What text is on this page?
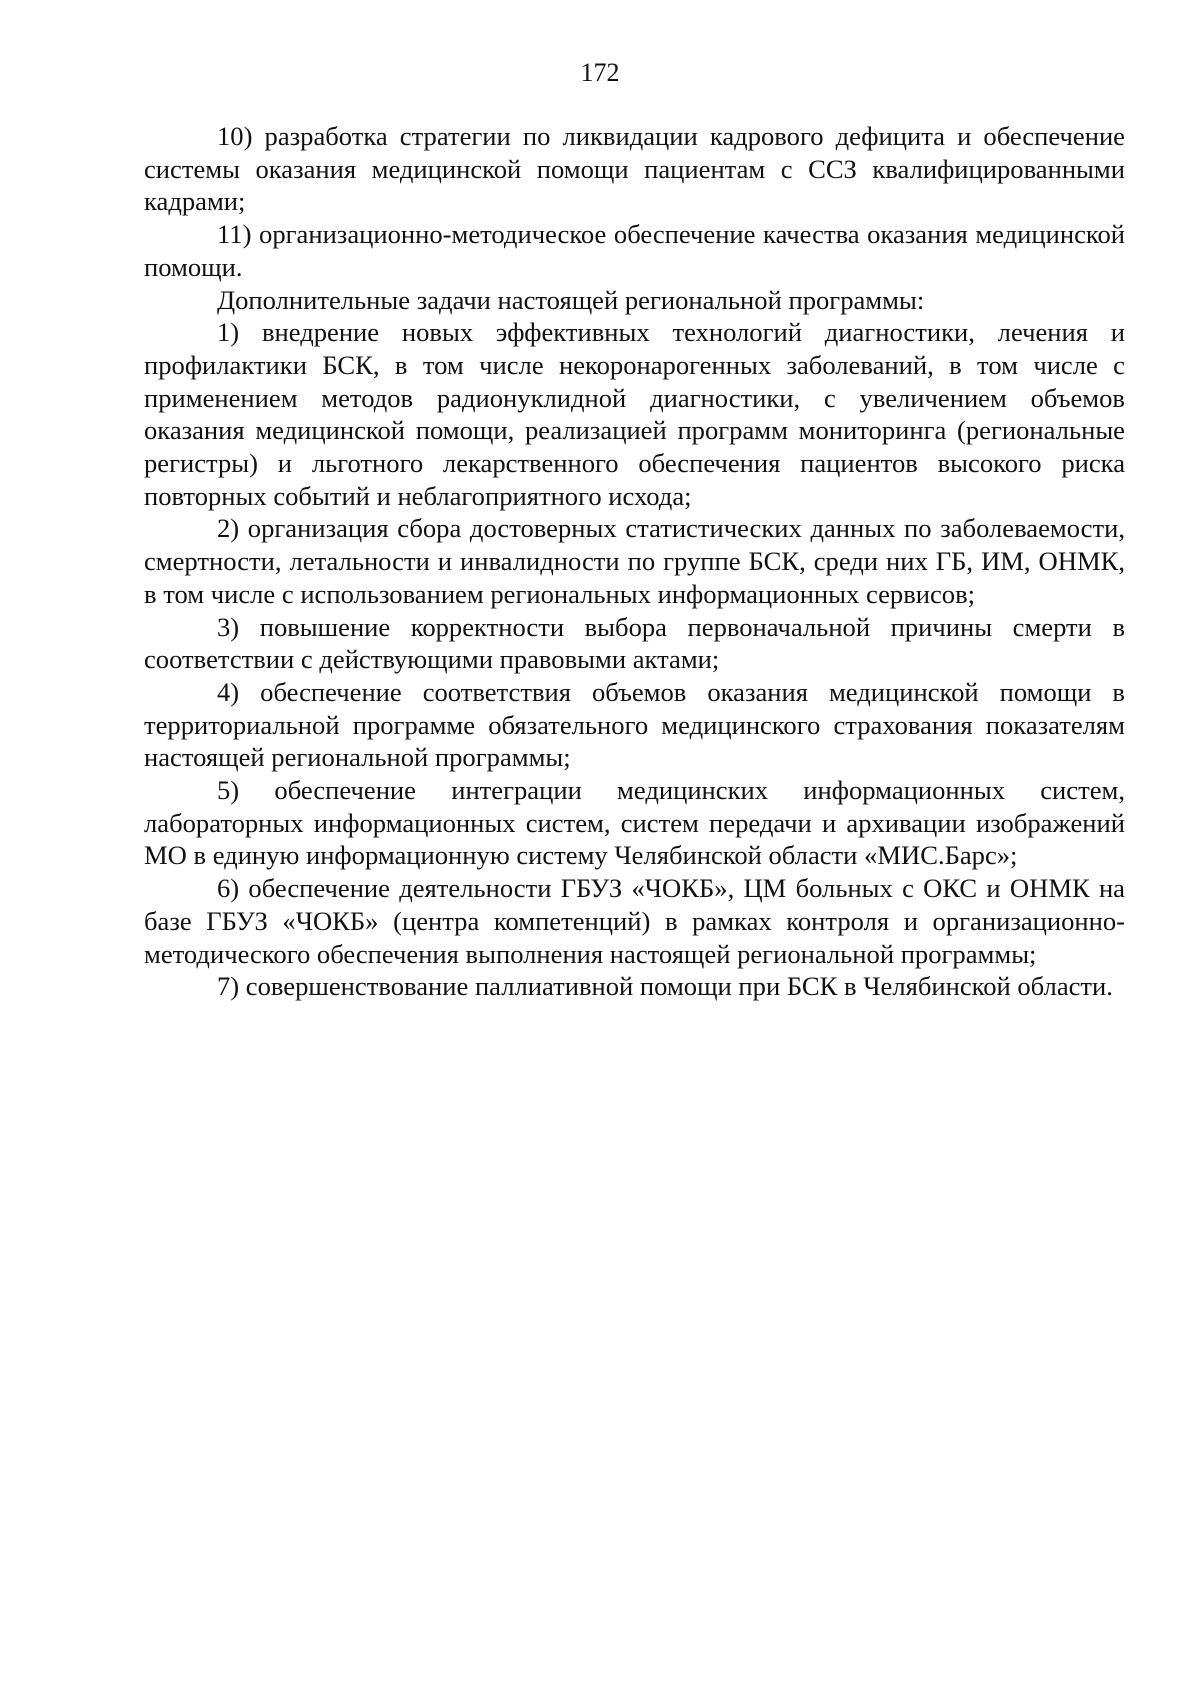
172

10) разработка стратегии по ликвидации кадрового дефицита и обеспечение системы оказания медицинской помощи пациентам с ССЗ квалифицированными кадрами;

11) организационно-методическое обеспечение качества оказания медицинской помощи.

Дополнительные задачи настоящей региональной программы:

1) внедрение новых эффективных технологий диагностики, лечения и профилактики БСК, в том числе некоронарогенных заболеваний, в том числе с применением методов радионуклидной диагностики, с увеличением объемов оказания медицинской помощи, реализацией программ мониторинга (региональные регистры) и льготного лекарственного обеспечения пациентов высокого риска повторных событий и неблагоприятного исхода;

2) организация сбора достоверных статистических данных по заболеваемости, смертности, летальности и инвалидности по группе БСК, среди них ГБ, ИМ, ОНМК, в том числе с использованием региональных информационных сервисов;

3) повышение корректности выбора первоначальной причины смерти в соответствии с действующими правовыми актами;

4) обеспечение соответствия объемов оказания медицинской помощи в территориальной программе обязательного медицинского страхования показателям настоящей региональной программы;

5) обеспечение интеграции медицинских информационных систем, лабораторных информационных систем, систем передачи и архивации изображений МО в единую информационную систему Челябинской области «МИС.Барс»;

6) обеспечение деятельности ГБУЗ «ЧОКБ», ЦМ больных с ОКС и ОНМК на базе ГБУЗ «ЧОКБ» (центра компетенций) в рамках контроля и организационно-методического обеспечения выполнения настоящей региональной программы;

7) совершенствование паллиативной помощи при БСК в Челябинской области.
